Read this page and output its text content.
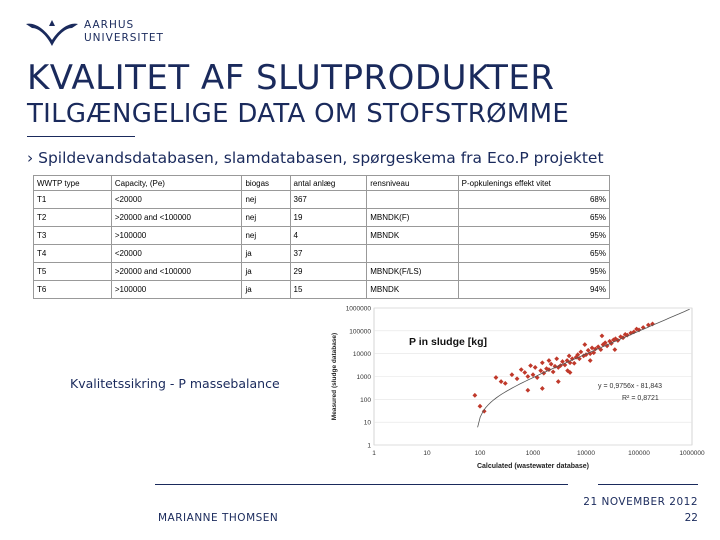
AARHUS
UNIVERSITET
KVALITET AF SLUTPRODUKTER
TILGÆNGELIGE DATA OM STOFSTRØMME
› Spildevandsdatabasen, slamdatabasen, spørgeskema fra Eco.P projektet
WWTP type	Capacity, (Pe)	biogas	antal anlæg	rensniveau	P-opkulenings effekt vitet
T1	<20000	nej	367		68%
T2	>20000 and <100000	nej	19	MBNDK(F)	65%
T3	>100000	nej	4	MBNDK	95%
T4	<20000	ja	37		65%
T5	>20000 and <100000	ja	29	MBNDK(F/LS)	95%
T6	>100000	ja	15	MBNDK	94%
Kvalitetssikring - P massebalance
1
10
100
1000
10000
100000
1000000
1	10	100	1000	10000	100000	1000000
Calculated (wastewater database)
Measured (sludge database)	P in sludge [kg]
y = 0,9756x - 81,843
R² = 0,8721
MARIANNE THOMSEN
21 NOVEMBER 2012
22
